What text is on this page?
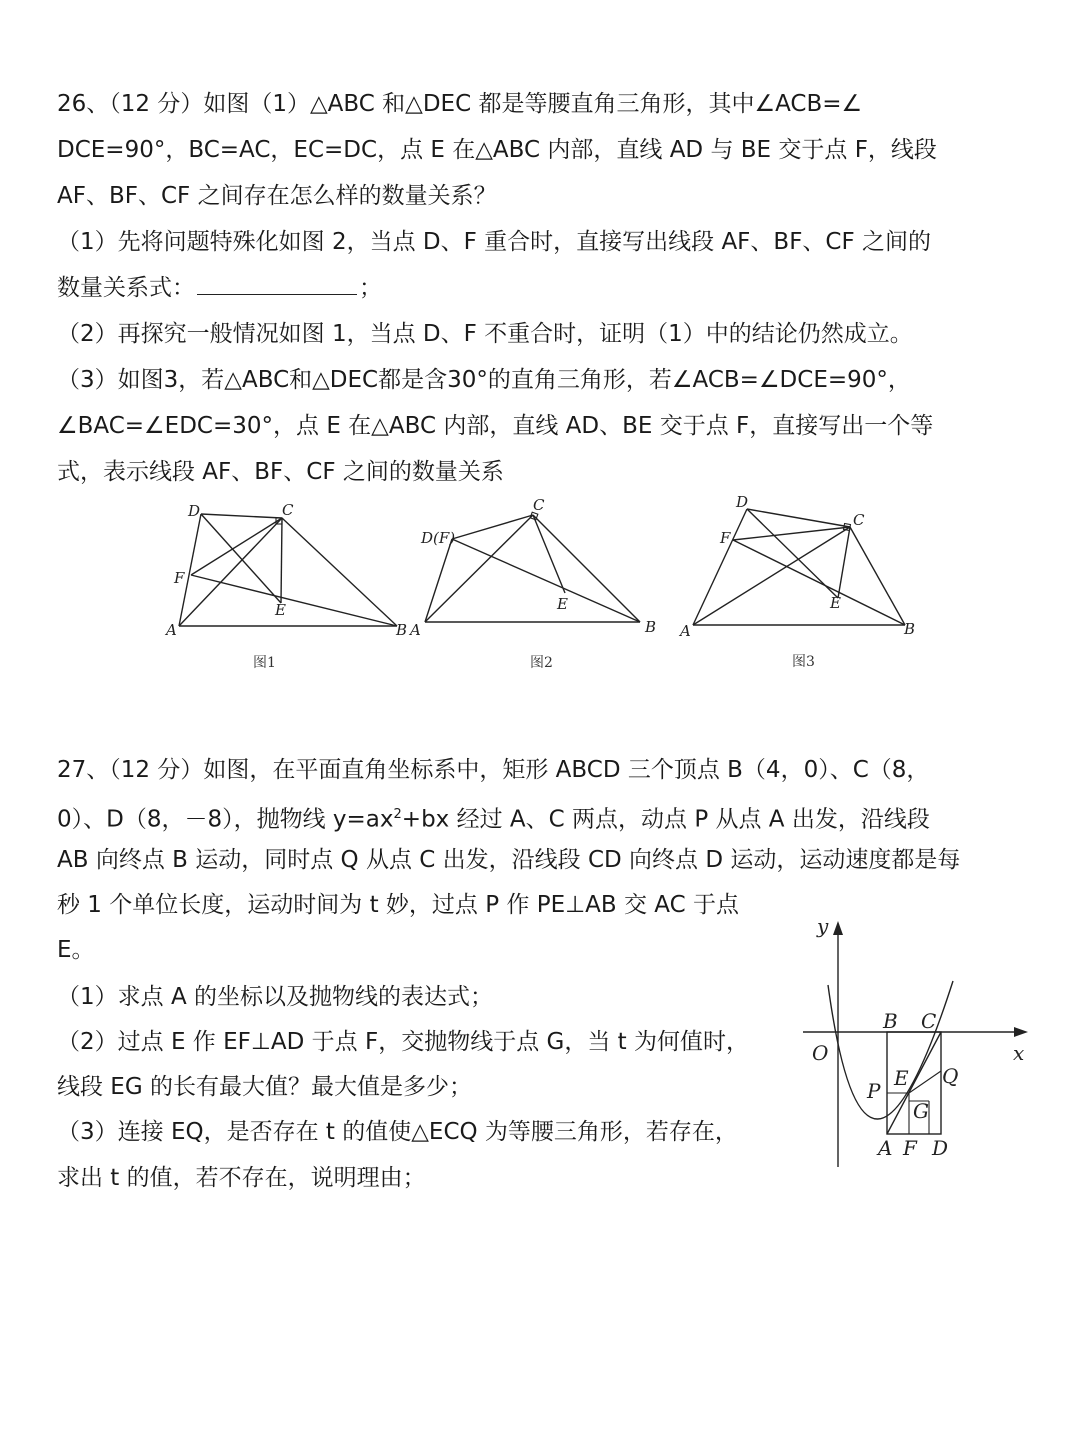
26、（12 分）如图（1）△ABC 和△DEC 都是等腰直角三角形，其中∠ACB=∠
DCE=90°，BC=AC，EC=DC，点 E 在△ABC 内部，直线 AD 与 BE 交于点 F，线段
AF、BF、CF 之间存在怎么样的数量关系？
（1）先将问题特殊化如图 2，当点 D、F 重合时，直接写出线段 AF、BF、CF 之间的
数量关系式：	；
（2）再探究一般情况如图 1，当点 D、F 不重合时，证明（1）中的结论仍然成立。
（3）如图3，若△ABC和△DEC都是含30°的直角三角形，若∠ACB=∠DCE=90°，
∠BAC=∠EDC=30°，点 E 在△ABC 内部，直线 AD、BE 交于点 F，直接写出一个等
式，表示线段 AF、BF、CF 之间的数量关系
D	C
F
E
A	B
图1
D(F)
C
E
A	B
图2
D
C
F
E
A	B
图3
27、（12 分）如图，在平面直角坐标系中，矩形 ABCD 三个顶点 B（4，0）、C（8，
0）、D（8，－8），抛物线 $y=ax^2+bx$ 经过 A、C 两点，动点 P 从点 A 出发，沿线段
AB 向终点 B 运动，同时点 Q 从点 C 出发，沿线段 CD 向终点 D 运动，运动速度都是每
秒 1 个单位长度，运动时间为 t 妙，过点 P 作 PE⊥AB 交 AC 于点
E。
（1）求点 A 的坐标以及抛物线的表达式；
（2）过点 E 作 EF⊥AD 于点 F，交抛物线于点 G，当 t 为何值时，
线段 EG 的长有最大值？最大值是多少；
（3）连接 EQ，是否存在 t 的值使△ECQ 为等腰三角形，若存在，
求出 t 的值，若不存在，说明理由；
y
x
O
B C
P
E Q
G
A F D
